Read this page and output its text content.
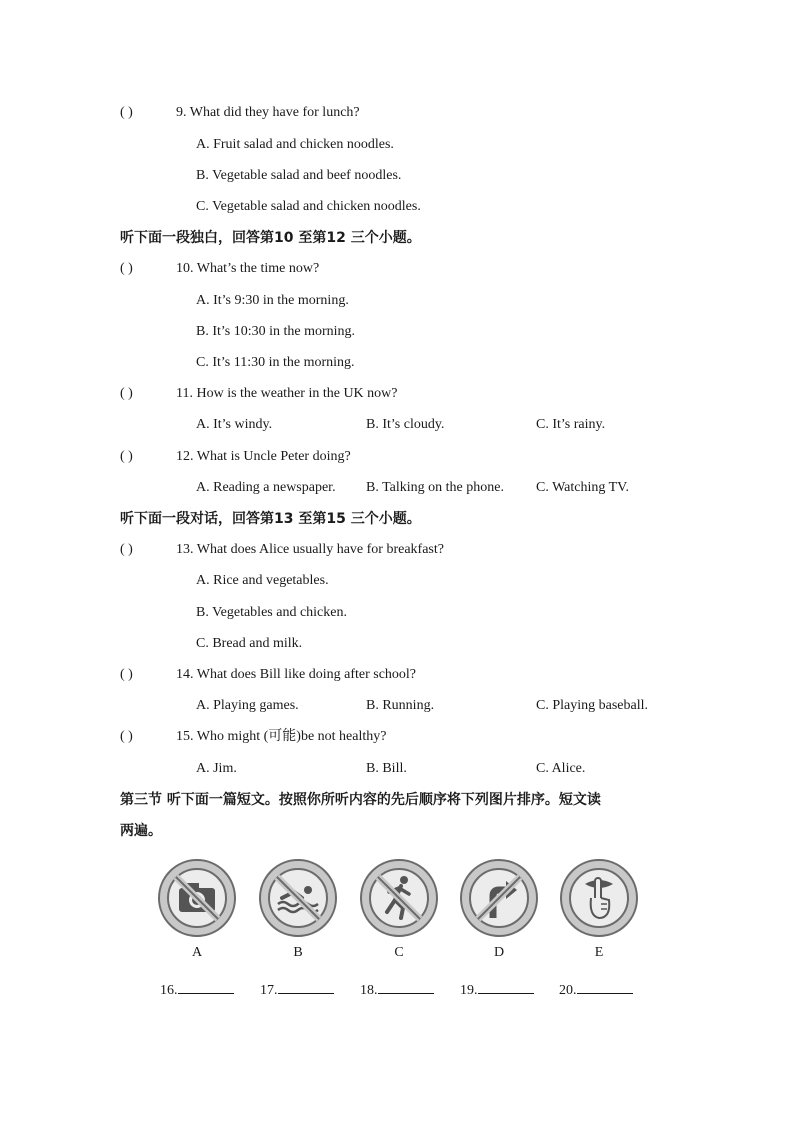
( )	9. What did they have for lunch?
A. Fruit salad and chicken noodles.
B. Vegetable salad and beef noodles.
C. Vegetable salad and chicken noodles.
听下面一段独白，回答第10 至第12 三个小题。
( )	10. What’s the time now?
A. It’s 9:30 in the morning.
B. It’s 10:30 in the morning.
C. It’s 11:30 in the morning.
( )	11. How is the weather in the UK now?
A. It’s windy.	B. It’s cloudy.	C. It’s rainy.
( )	12. What is Uncle Peter doing?
A. Reading a newspaper. B. Talking on the phone. C. Watching TV.
听下面一段对话，回答第13 至第15 三个小题。
( )	13. What does Alice usually have for breakfast?
A. Rice and vegetables.
B. Vegetables and chicken.
C. Bread and milk.
( )	14. What does Bill like doing after school?
A. Playing games.	B. Running.	C. Playing baseball.
( )	15. Who might (可能)be not healthy?
A. Jim.	B. Bill.	C. Alice.
第三节 听下面一篇短文。按照你所听内容的先后顺序将下列图片排序。短文读
两遍。
A	B	C	D	E
16.	17.	18.	19.	20.
